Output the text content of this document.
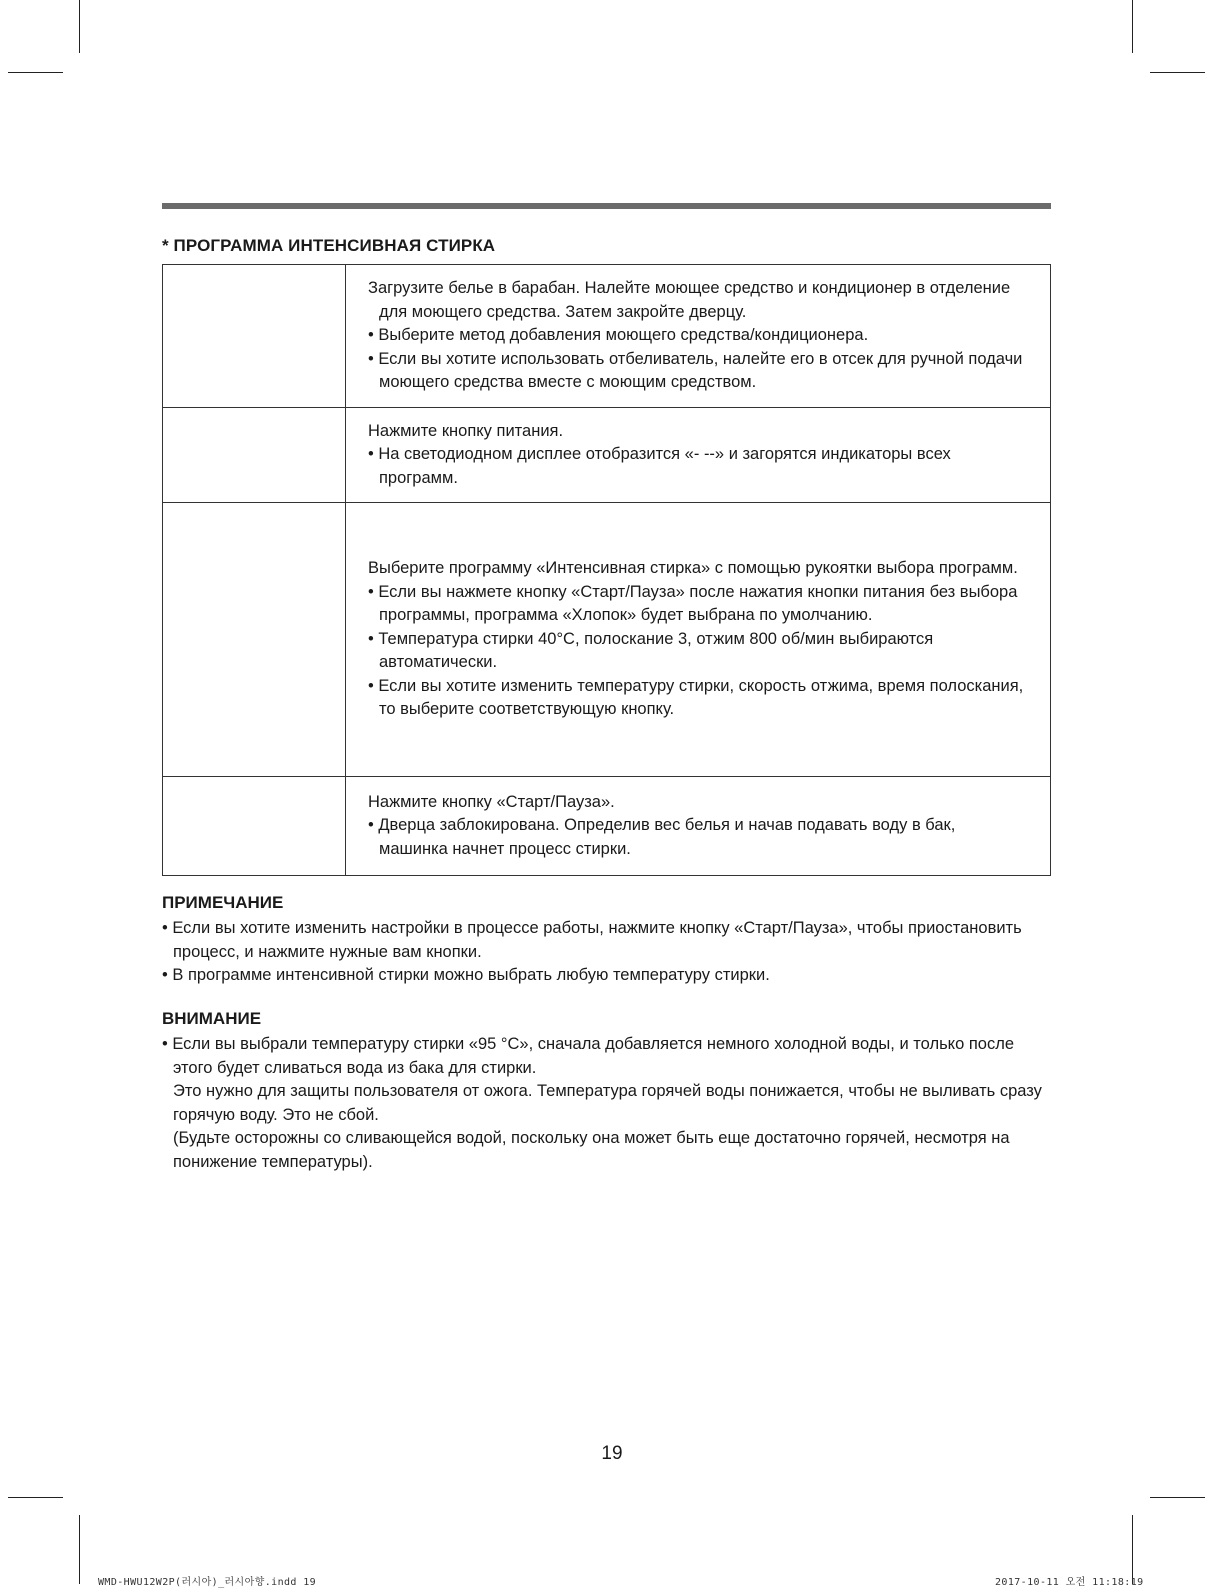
* ПРОГРАММА ИНТЕНСИВНАЯ СТИРКА

	Загрузите белье в барабан. Налейте моющее средство и кондиционер в отделение для моющего средства. Затем закройте дверцу.
• Выберите метод добавления моющего средства/кондиционера.
• Если вы хотите использовать отбеливатель, налейте его в отсек для ручной подачи моющего средства вместе с моющим средством.

	Нажмите кнопку питания.
• На светодиодном дисплее отобразится «- --» и загорятся индикаторы всех программ.

	Выберите программу «Интенсивная стирка» с помощью рукоятки выбора программ.
• Если вы нажмете кнопку «Старт/Пауза» после нажатия кнопки питания без выбора программы, программа «Хлопок» будет выбрана по умолчанию.
• Температура стирки 40°C, полоскание 3, отжим 800 об/мин выбираются автоматически.
• Если вы хотите изменить температуру стирки, скорость отжима, время полоскания, то выберите соответствующую кнопку.

	Нажмите кнопку «Старт/Пауза».
• Дверца заблокирована. Определив вес белья и начав подавать воду в бак, машинка начнет процесс стирки.
ПРИМЕЧАНИЕ
• Если вы хотите изменить настройки в процессе работы, нажмите кнопку «Старт/Пауза», чтобы приостановить процесс, и нажмите нужные вам кнопки.
• В программе интенсивной стирки можно выбрать любую температуру стирки.
ВНИМАНИЕ
• Если вы выбрали температуру стирки «95 °C», сначала добавляется немного холодной воды, и только после этого будет сливаться вода из бака для стирки.
Это нужно для защиты пользователя от ожога. Температура горячей воды понижается, чтобы не выливать сразу горячую воду. Это не сбой.
(Будьте осторожны со сливающейся водой, поскольку она может быть еще достаточно горячей, несмотря на понижение температуры).
19
WMD-HWU12W2P(러시아)_러시아향.indd 19	2017-10-11 오전 11:18:19
